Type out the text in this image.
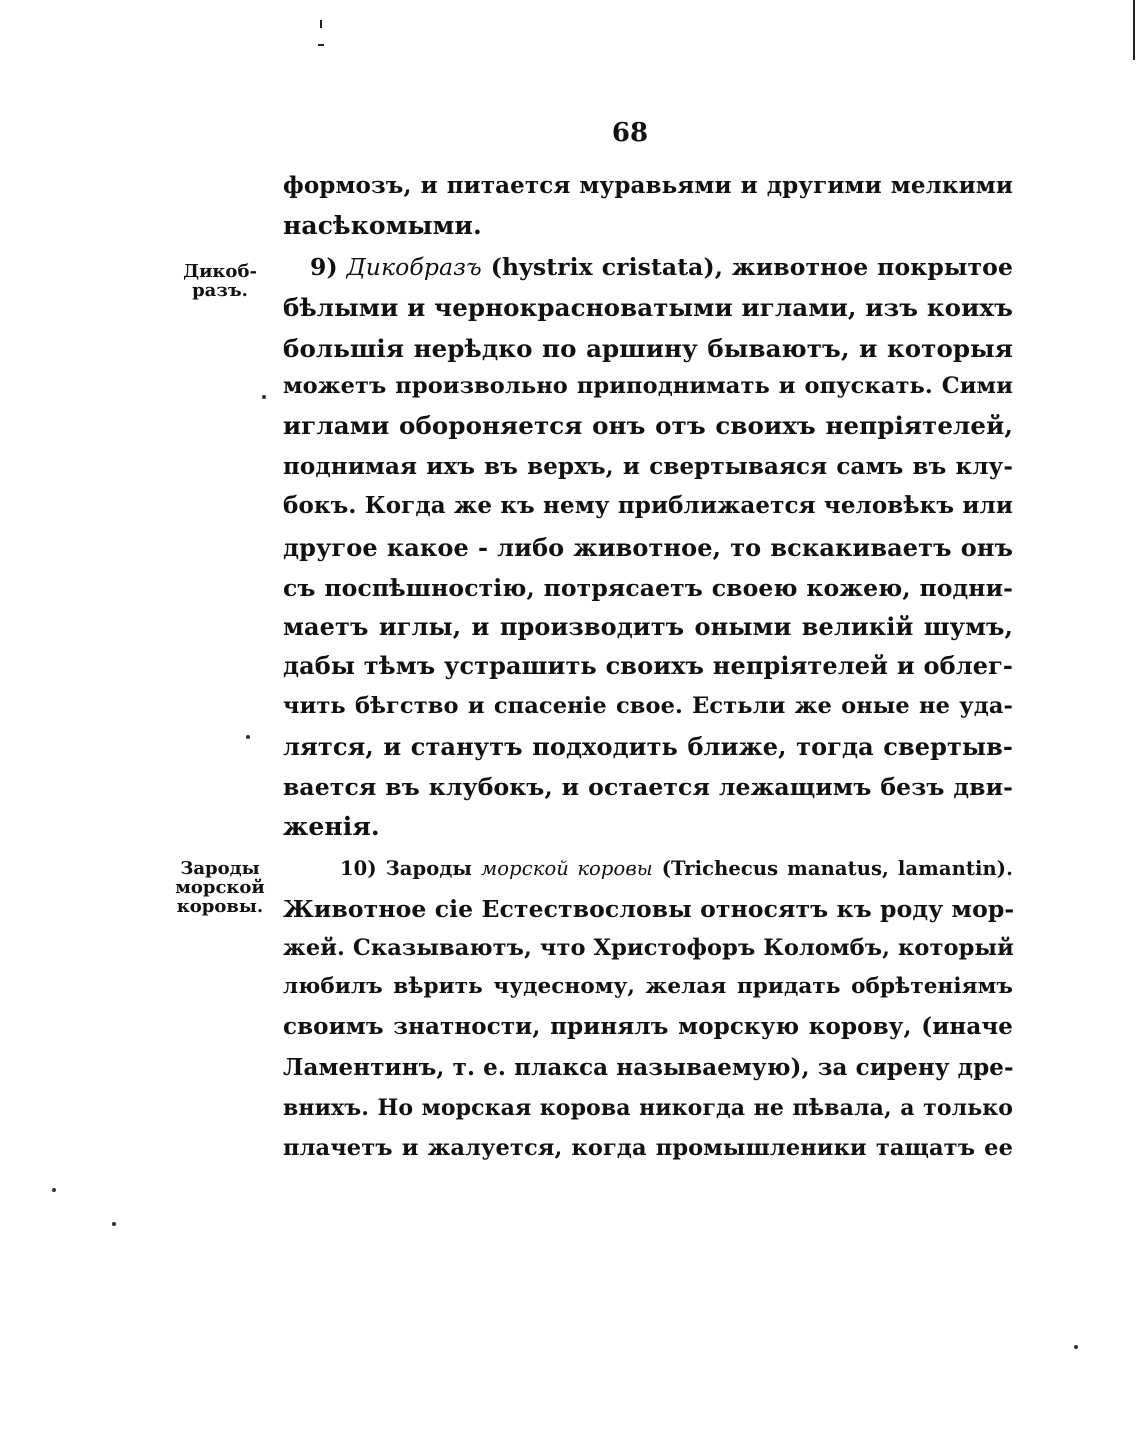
68
Дикоб-
разъ.
Зароды
морской
коровы.
формозъ, и питается муравьями и другими мелкими
насѣкомыми.
9) Дикобразъ (hystrix cristata), животное покрытое
бѣлыми и чернокрасноватыми иглами, изъ коихъ
большія нерѣдко по аршину бываютъ, и которыя
можетъ произвольно приподнимать и опускать. Сими
иглами обороняется онъ отъ своихъ непріятелей,
поднимая ихъ въ верхъ, и свертываяся самъ въ клу-
бокъ. Когда же къ нему приближается человѣкъ или
другое какое - либо животное, то вскакиваетъ онъ
съ поспѣшностію, потрясаетъ своею кожею, подни-
маетъ иглы, и производитъ оными великій шумъ,
дабы тѣмъ устрашить своихъ непріятелей и облег-
чить бѣгство и спасеніе свое. Естьли же оные не уда-
лятся, и станутъ подходить ближе, тогда свертыв-
вается въ клубокъ, и остается лежащимъ безъ дви-
женія.
10) Зароды морской коровы (Trichecus manatus, lamantin).
Животное сіе Естествословы относятъ къ роду мор-
жей. Сказываютъ, что Христофоръ Коломбъ, который
любилъ вѣрить чудесному, желая придать обрѣтеніямъ
своимъ знатности, принялъ морскую корову, (иначе
Ламентинъ, т. е. плакса называемую), за сирену дре-
внихъ. Но морская корова никогда не пѣвала, а только
плачетъ и жалуется, когда промышленики тащатъ ее
